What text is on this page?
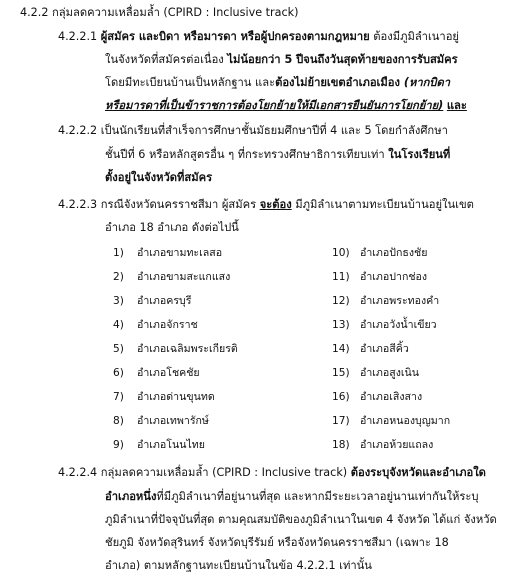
4.2.2 กลุ่มลดความเหลื่อมล้ำ (CPIRD : Inclusive track)
4.2.2.1 ผู้สมัคร และบิดา หรือมารดา หรือผู้ปกครองตามกฎหมาย ต้องมีภูมิลำเนาอยู่
ในจังหวัดที่สมัครต่อเนื่อง ไม่น้อยกว่า 5 ปีจนถึงวันสุดท้ายของการรับสมัคร
โดยมีทะเบียนบ้านเป็นหลักฐาน และต้องไม่ย้ายเขตอำเภอเมือง (หากบิดา
หรือมารดาที่เป็นข้าราชการต้องโยกย้ายให้มีเอกสารยืนยันการโยกย้าย) และ
4.2.2.2 เป็นนักเรียนที่สำเร็จการศึกษาชั้นมัธยมศึกษาปีที่ 4 และ 5 โดยกำลังศึกษา
ชั้นปีที่ 6 หรือหลักสูตรอื่น ๆ ที่กระทรวงศึกษาธิการเทียบเท่า ในโรงเรียนที่
ตั้งอยู่ในจังหวัดที่สมัคร
4.2.2.3 กรณีจังหวัดนครราชสีมา ผู้สมัคร จะต้อง มีภูมิลำเนาตามทะเบียนบ้านอยู่ในเขต
อำเภอ 18 อำเภอ ดังต่อไปนี้
1) อำเภอขามทะเลสอ
2) อำเภอขามสะแกแสง
3) อำเภอครบุรี
4) อำเภอจักราช
5) อำเภอเฉลิมพระเกียรติ
6) อำเภอโชคชัย
7) อำเภอด่านขุนทด
8) อำเภอเทพารักษ์
9) อำเภอโนนไทย
10) อำเภอปักธงชัย
11) อำเภอปากช่อง
12) อำเภอพระทองคำ
13) อำเภอวังน้ำเขียว
14) อำเภอสีคิ้ว
15) อำเภอสูงเนิน
16) อำเภอเสิงสาง
17) อำเภอหนองบุญมาก
18) อำเภอห้วยแถลง
4.2.2.4 กลุ่มลดความเหลื่อมล้ำ (CPIRD : Inclusive track) ต้องระบุจังหวัดและอำเภอใด
อำเภอหนึ่งที่มีภูมิลำเนาที่อยู่นานที่สุด และหากมีระยะเวลาอยู่นานเท่ากันให้ระบุ
ภูมิลำเนาที่ปัจจุบันที่สุด ตามคุณสมบัติของภูมิลำเนาในเขต 4 จังหวัด ได้แก่ จังหวัด
ชัยภูมิ จังหวัดสุรินทร์ จังหวัดบุรีรัมย์ หรือจังหวัดนครราชสีมา (เฉพาะ 18
อำเภอ) ตามหลักฐานทะเบียนบ้านในข้อ 4.2.2.1 เท่านั้น
